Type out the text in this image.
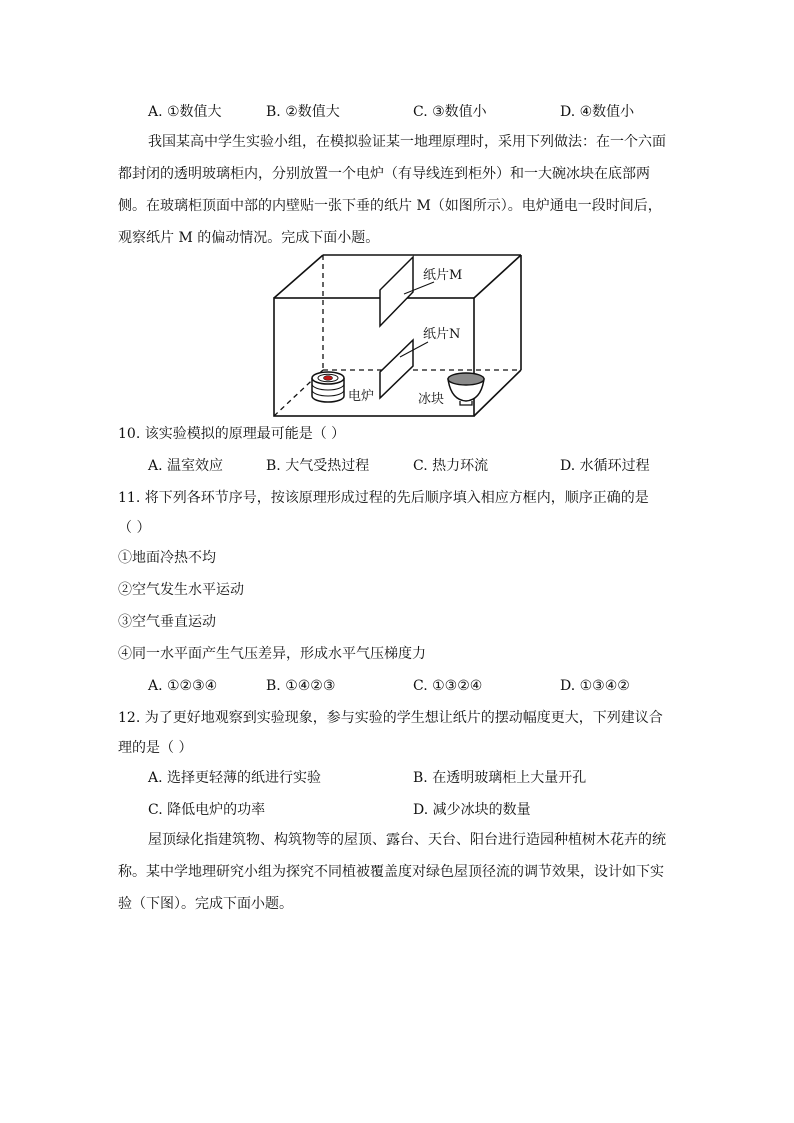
A. ①数值大	B. ②数值大	C. ③数值小	D. ④数值小
我国某高中学生实验小组，在模拟验证某一地理原理时，采用下列做法：在一个六面
都封闭的透明玻璃柜内，分别放置一个电炉（有导线连到柜外）和一大碗冰块在底部两
侧。在玻璃柜顶面中部的内壁贴一张下垂的纸片 M（如图所示）。电炉通电一段时间后，
观察纸片 M 的偏动情况。完成下面小题。
纸片M
纸片N
电炉	冰块
10. 该实验模拟的原理最可能是（ ）
A. 温室效应	B. 大气受热过程	C. 热力环流	D. 水循环过程
11. 将下列各环节序号，按该原理形成过程的先后顺序填入相应方框内，顺序正确的是
（ ）
①地面冷热不均
②空气发生水平运动
③空气垂直运动
④同一水平面产生气压差异，形成水平气压梯度力
A. ①②③④	B. ①④②③	C. ①③②④	D. ①③④②
12. 为了更好地观察到实验现象，参与实验的学生想让纸片的摆动幅度更大，下列建议合
理的是（ ）
A. 选择更轻薄的纸进行实验	B. 在透明玻璃柜上大量开孔
C. 降低电炉的功率	D. 减少冰块的数量
屋顶绿化指建筑物、构筑物等的屋顶、露台、天台、阳台进行造园种植树木花卉的统
称。某中学地理研究小组为探究不同植被覆盖度对绿色屋顶径流的调节效果，设计如下实
验（下图）。完成下面小题。
